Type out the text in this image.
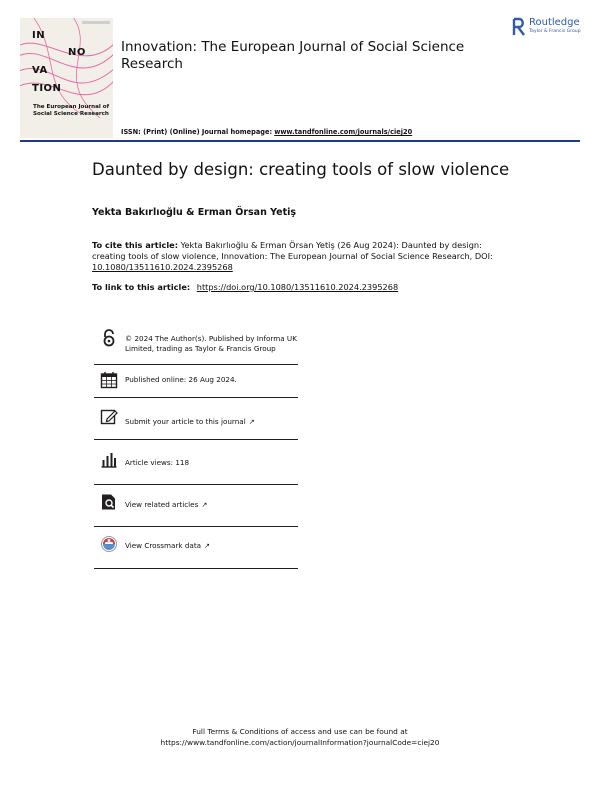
IN
NO
VA
TION
The European Journal of
Social Science Research
Innovation: The European Journal of Social Science Research
Routledge
Taylor & Francis Group
ISSN: (Print) (Online) Journal homepage: www.tandfonline.com/journals/ciej20
Daunted by design: creating tools of slow violence
Yekta Bakırlıoğlu & Erman Örsan Yetiş
To cite this article: Yekta Bakırlıoğlu & Erman Örsan Yetiş (26 Aug 2024): Daunted by design: creating tools of slow violence, Innovation: The European Journal of Social Science Research, DOI: 10.1080/13511610.2024.2395268
To link to this article: https://doi.org/10.1080/13511610.2024.2395268
© 2024 The Author(s). Published by Informa UK Limited, trading as Taylor & Francis Group
Published online: 26 Aug 2024.
Submit your article to this journal ↗
Article views: 118
View related articles ↗
View Crossmark data ↗
Full Terms & Conditions of access and use can be found at
https://www.tandfonline.com/action/journalInformation?journalCode=ciej20
